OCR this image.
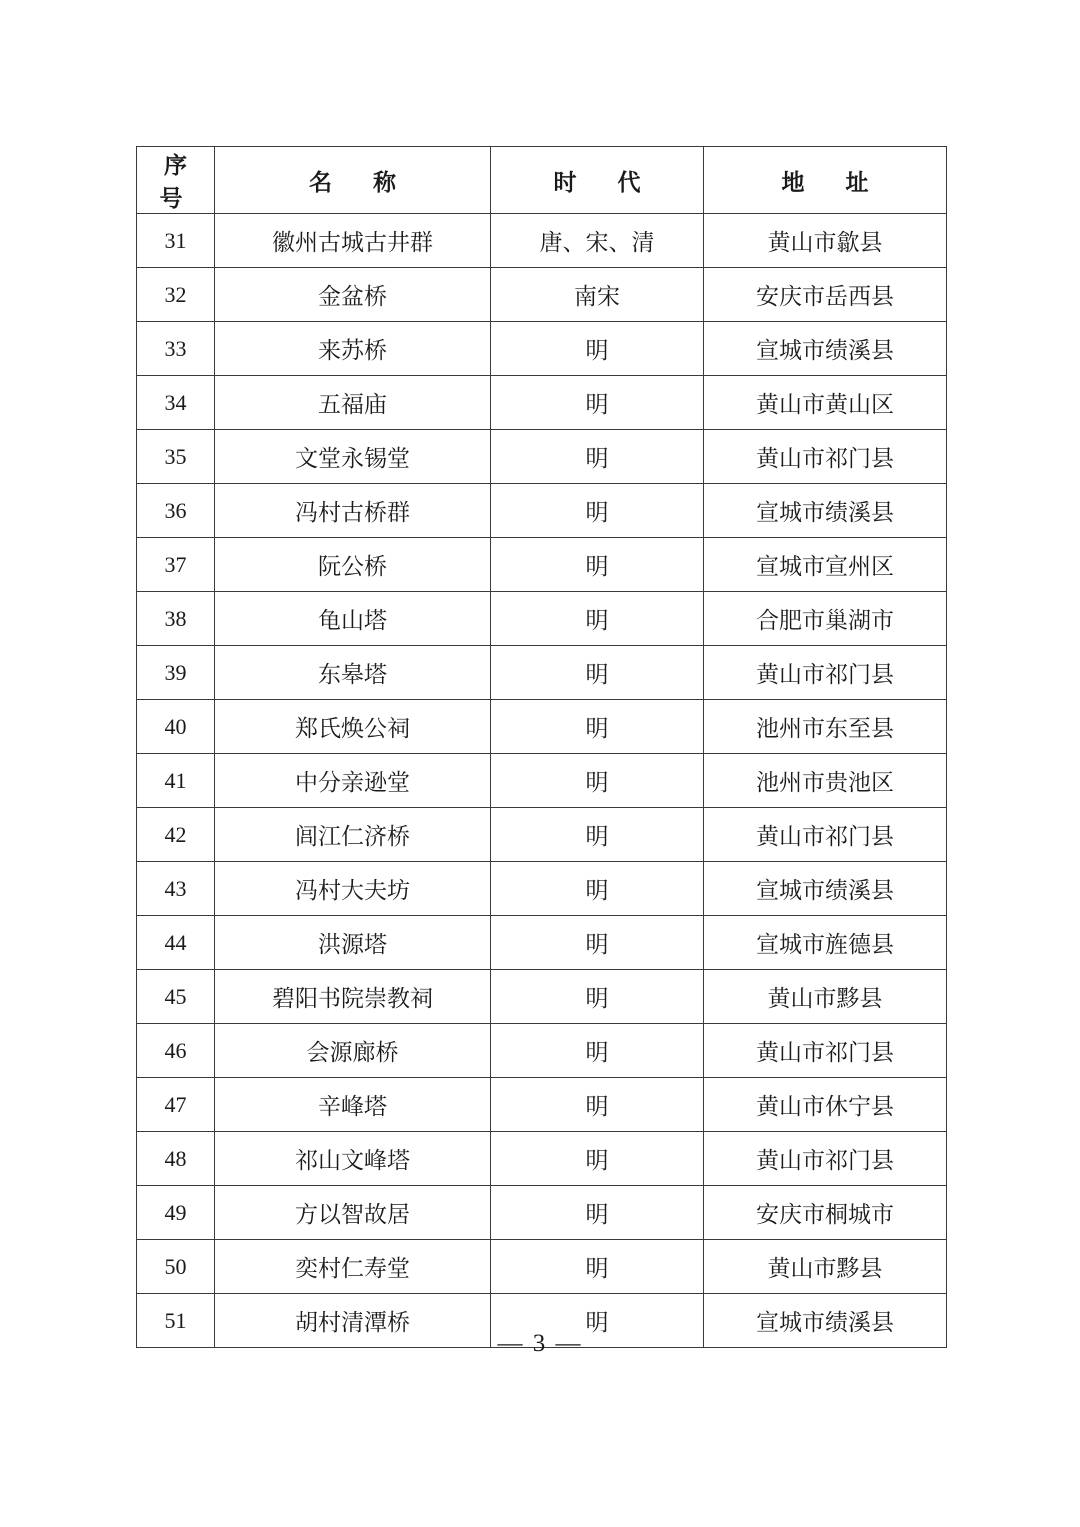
序 号	名　称	时　代	地　址
31	徽州古城古井群	唐、宋、清	黄山市歙县
32	金盆桥	南宋	安庆市岳西县
33	来苏桥	明	宣城市绩溪县
34	五福庙	明	黄山市黄山区
35	文堂永锡堂	明	黄山市祁门县
36	冯村古桥群	明	宣城市绩溪县
37	阮公桥	明	宣城市宣州区
38	龟山塔	明	合肥市巢湖市
39	东皋塔	明	黄山市祁门县
40	郑氏焕公祠	明	池州市东至县
41	中分亲逊堂	明	池州市贵池区
42	闾江仁济桥	明	黄山市祁门县
43	冯村大夫坊	明	宣城市绩溪县
44	洪源塔	明	宣城市旌德县
45	碧阳书院崇教祠	明	黄山市黟县
46	会源廊桥	明	黄山市祁门县
47	辛峰塔	明	黄山市休宁县
48	祁山文峰塔	明	黄山市祁门县
49	方以智故居	明	安庆市桐城市
50	奕村仁寿堂	明	黄山市黟县
51	胡村清潭桥	明	宣城市绩溪县
— 3 —
